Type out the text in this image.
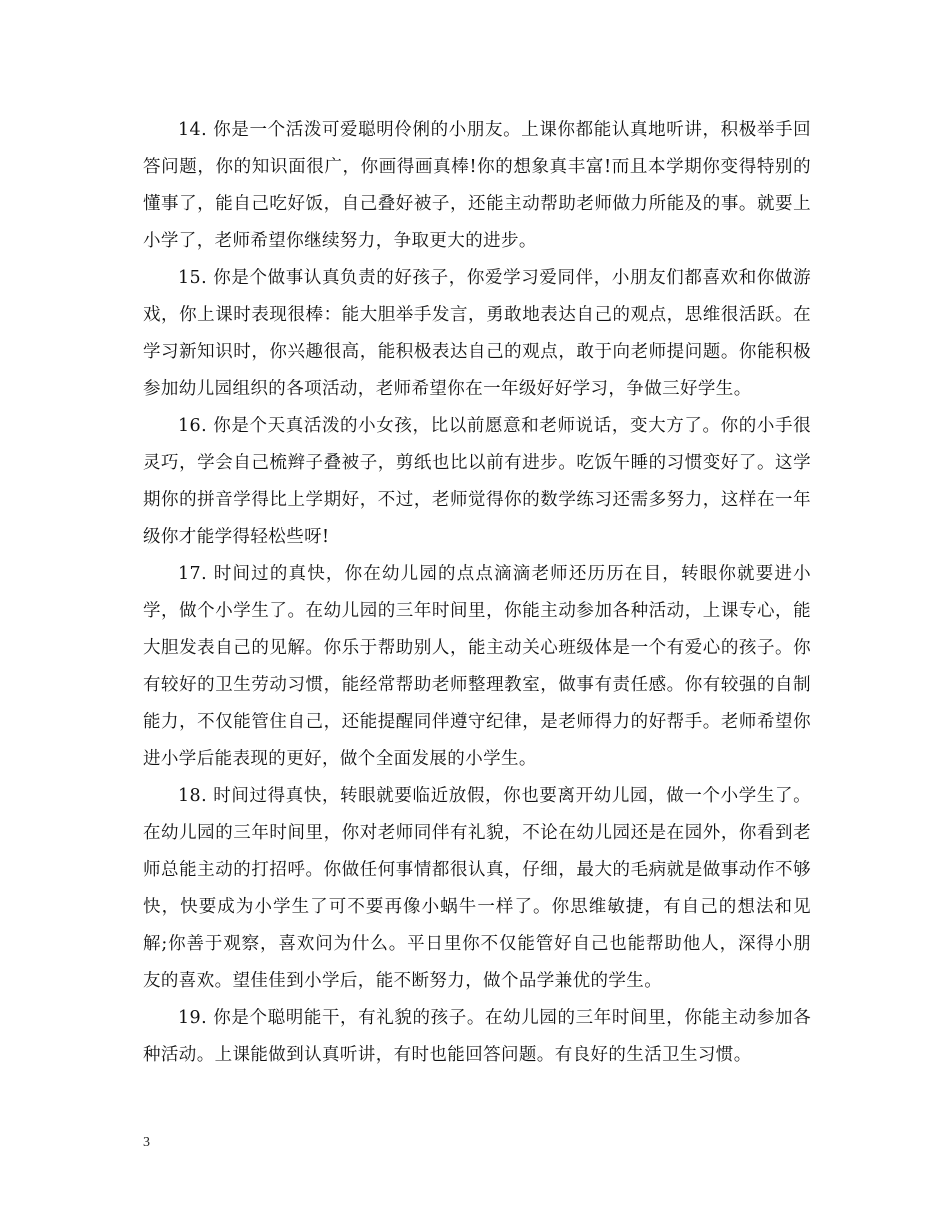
14. 你是一个活泼可爱聪明伶俐的小朋友。上课你都能认真地听讲，积极举手回答问题，你的知识面很广，你画得画真棒!你的想象真丰富!而且本学期你变得特别的懂事了，能自己吃好饭，自己叠好被子，还能主动帮助老师做力所能及的事。就要上小学了，老师希望你继续努力，争取更大的进步。

15. 你是个做事认真负责的好孩子，你爱学习爱同伴，小朋友们都喜欢和你做游戏，你上课时表现很棒：能大胆举手发言，勇敢地表达自己的观点，思维很活跃。在学习新知识时，你兴趣很高，能积极表达自己的观点，敢于向老师提问题。你能积极参加幼儿园组织的各项活动，老师希望你在一年级好好学习，争做三好学生。

16. 你是个天真活泼的小女孩，比以前愿意和老师说话，变大方了。你的小手很灵巧，学会自己梳辫子叠被子，剪纸也比以前有进步。吃饭午睡的习惯变好了。这学期你的拼音学得比上学期好，不过，老师觉得你的数学练习还需多努力，这样在一年级你才能学得轻松些呀!

17. 时间过的真快，你在幼儿园的点点滴滴老师还历历在目，转眼你就要进小学，做个小学生了。在幼儿园的三年时间里，你能主动参加各种活动，上课专心，能大胆发表自己的见解。你乐于帮助别人，能主动关心班级体是一个有爱心的孩子。你有较好的卫生劳动习惯，能经常帮助老师整理教室，做事有责任感。你有较强的自制能力，不仅能管住自己，还能提醒同伴遵守纪律，是老师得力的好帮手。老师希望你进小学后能表现的更好，做个全面发展的小学生。

18. 时间过得真快，转眼就要临近放假，你也要离开幼儿园，做一个小学生了。在幼儿园的三年时间里，你对老师同伴有礼貌，不论在幼儿园还是在园外，你看到老师总能主动的打招呼。你做任何事情都很认真，仔细，最大的毛病就是做事动作不够快，快要成为小学生了可不要再像小蜗牛一样了。你思维敏捷，有自己的想法和见解;你善于观察，喜欢问为什么。平日里你不仅能管好自己也能帮助他人，深得小朋友的喜欢。望佳佳到小学后，能不断努力，做个品学兼优的学生。

19. 你是个聪明能干，有礼貌的孩子。在幼儿园的三年时间里，你能主动参加各种活动。上课能做到认真听讲，有时也能回答问题。有良好的生活卫生习惯。

3
